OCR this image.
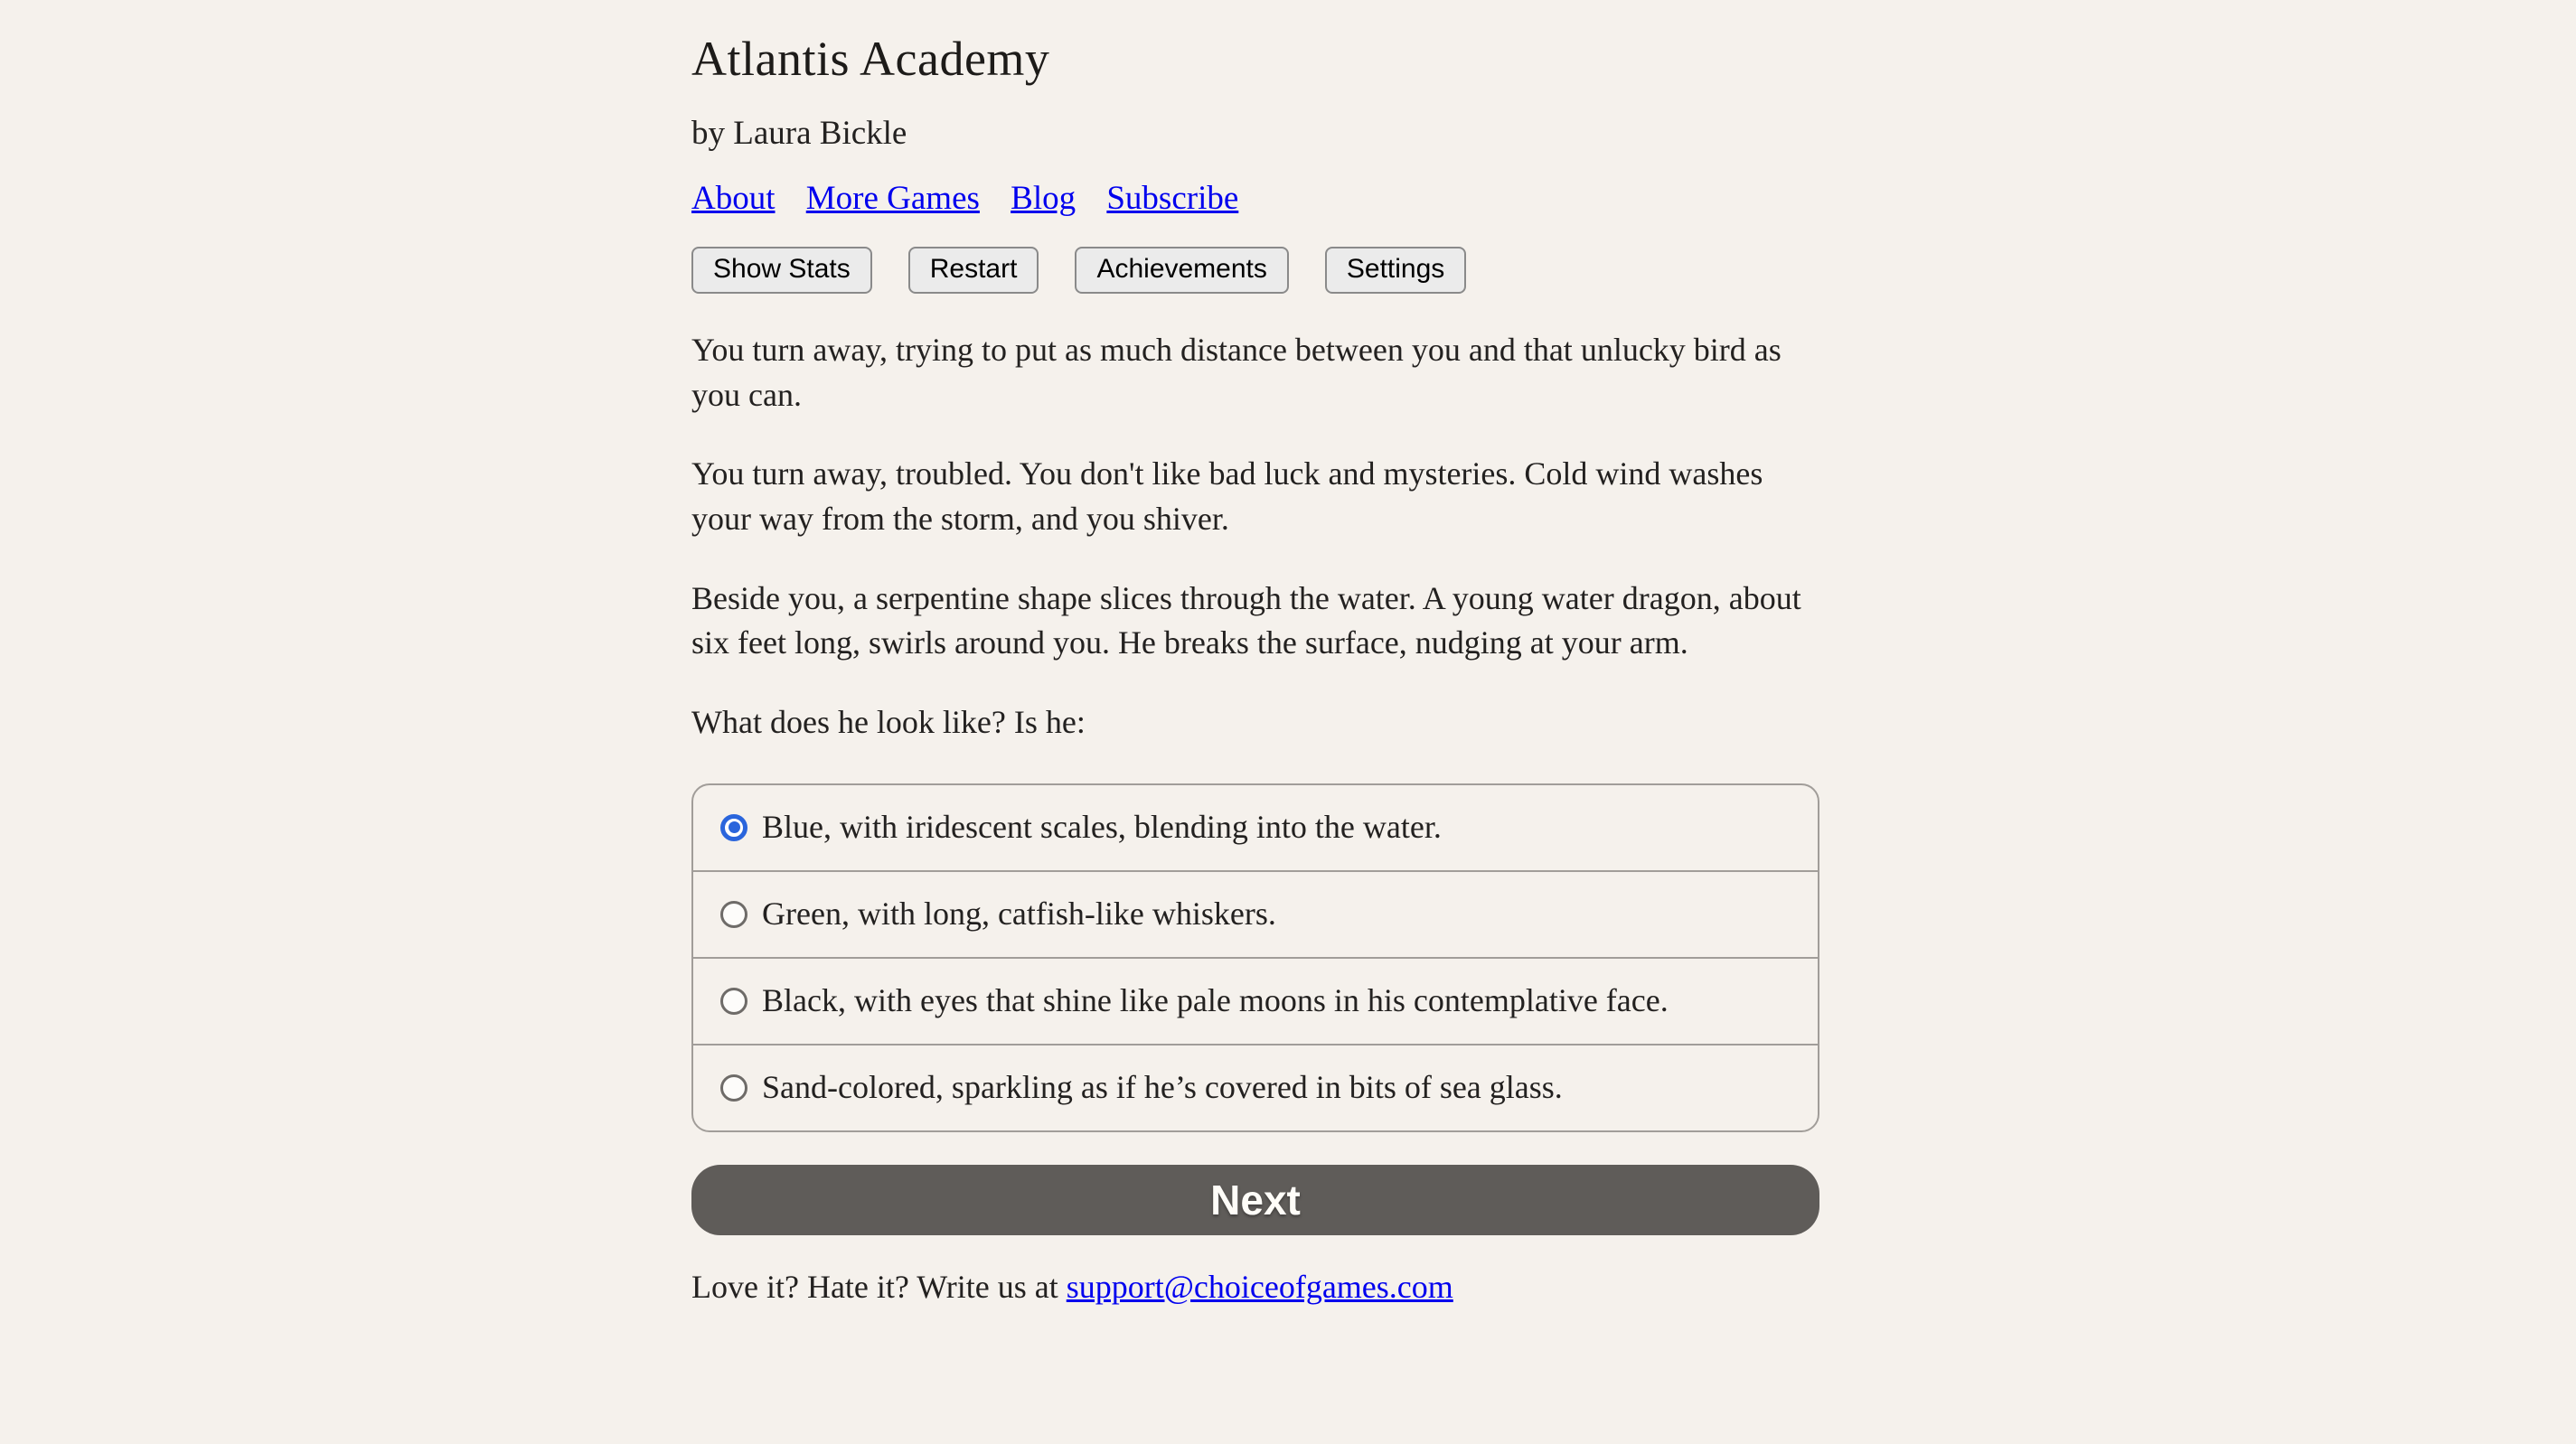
Atlantis Academy
by Laura Bickle
About More Games Blog Subscribe
Show Stats	Restart	Achievements	Settings

You turn away, trying to put as much distance between you and that unlucky bird as you can.

You turn away, troubled. You don't like bad luck and mysteries. Cold wind washes your way from the storm, and you shiver.

Beside you, a serpentine shape slices through the water. A young water dragon, about six feet long, swirls around you. He breaks the surface, nudging at your arm.

What does he look like? Is he:

Blue, with iridescent scales, blending into the water.
Green, with long, catfish-like whiskers.
Black, with eyes that shine like pale moons in his contemplative face.
Sand-colored, sparkling as if he’s covered in bits of sea glass.
Next
Love it? Hate it? Write us at support@choiceofgames.com
